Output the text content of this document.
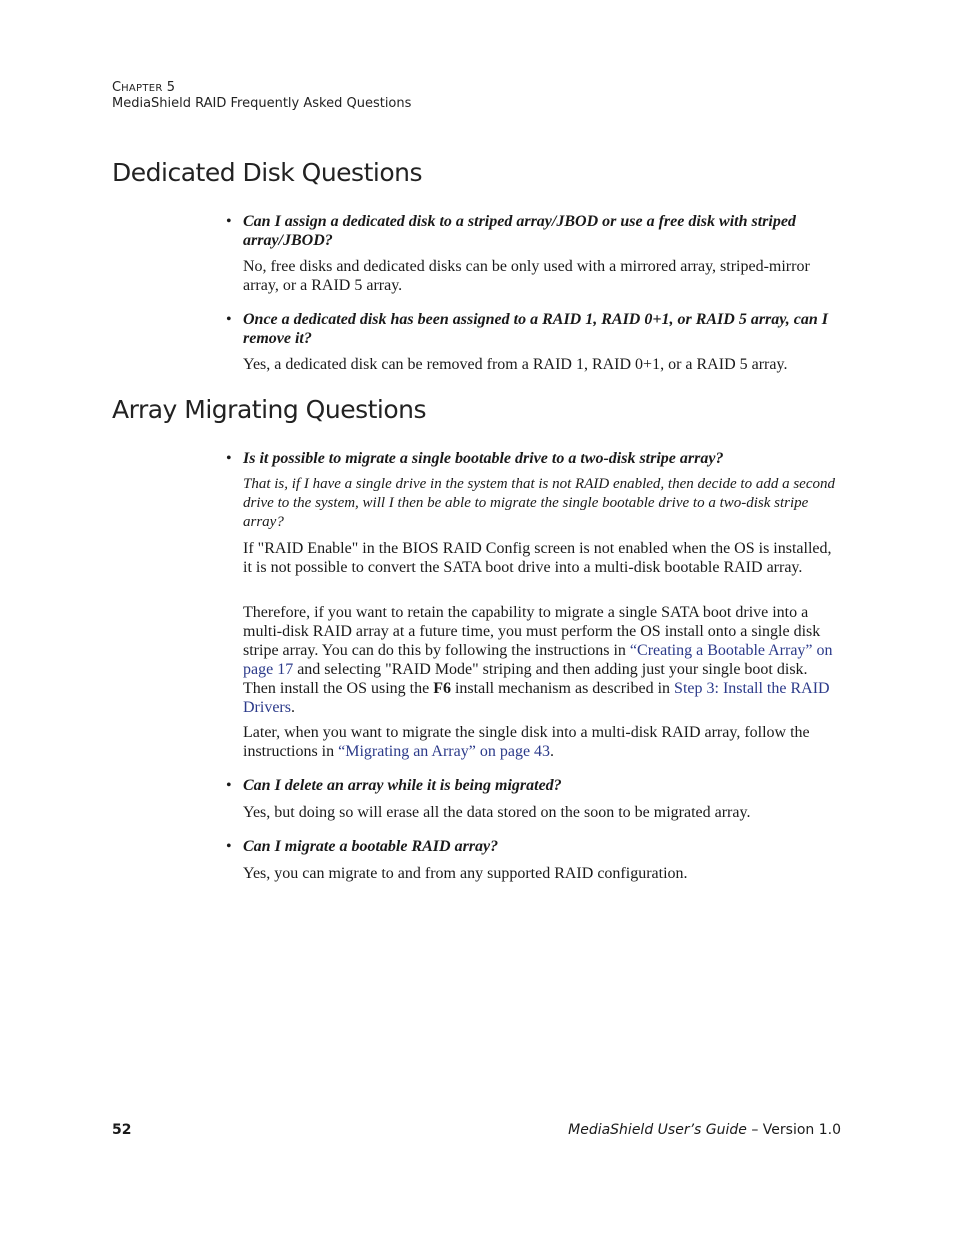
CHAPTER 5
MediaShield RAID Frequently Asked Questions
Dedicated Disk Questions
• Can I assign a dedicated disk to a striped array/JBOD or use a free disk with striped array/JBOD?

No, free disks and dedicated disks can be only used with a mirrored array, striped-mirror array, or a RAID 5 array.

• Once a dedicated disk has been assigned to a RAID 1, RAID 0+1, or RAID 5 array, can I remove it?

Yes, a dedicated disk can be removed from a RAID 1, RAID 0+1, or a RAID 5 array.

Array Migrating Questions
• Is it possible to migrate a single bootable drive to a two-disk stripe array?

That is, if I have a single drive in the system that is not RAID enabled, then decide to add a second drive to the system, will I then be able to migrate the single bootable drive to a two-disk stripe array?

If "RAID Enable" in the BIOS RAID Config screen is not enabled when the OS is installed, it is not possible to convert the SATA boot drive into a multi-disk bootable RAID array.

Therefore, if you want to retain the capability to migrate a single SATA boot drive into a multi-disk RAID array at a future time, you must perform the OS install onto a single disk stripe array. You can do this by following the instructions in “Creating a Bootable Array” on page 17 and selecting "RAID Mode" striping and then adding just your single boot disk. Then install the OS using the F6 install mechanism as described in Step 3: Install the RAID Drivers.

Later, when you want to migrate the single disk into a multi-disk RAID array, follow the instructions in “Migrating an Array” on page 43.

• Can I delete an array while it is being migrated?

Yes, but doing so will erase all the data stored on the soon to be migrated array.

• Can I migrate a bootable RAID array?

Yes, you can migrate to and from any supported RAID configuration.

52	MediaShield User’s Guide – Version 1.0
